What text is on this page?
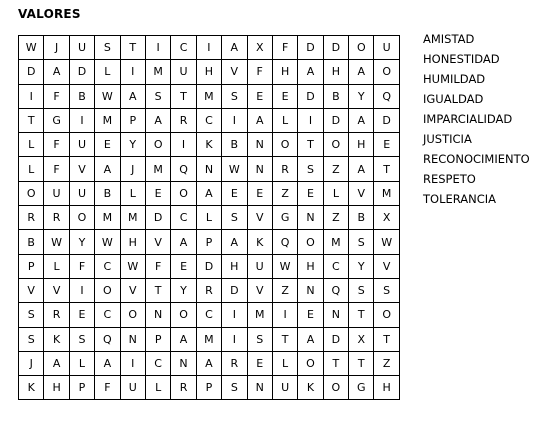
VALORES
W	J	U	S	T	I	C	I	A	X	F	D	D	O	U
D	A	D	L	I	M	U	H	V	F	H	A	H	A	O
I	F	B	W	A	S	T	M	S	E	E	D	B	Y	Q
T	G	I	M	P	A	R	C	I	A	L	I	D	A	D
L	F	U	E	Y	O	I	K	B	N	O	T	O	H	E
L	F	V	A	J	M	Q	N	W	N	R	S	Z	A	T
O	U	U	B	L	E	O	A	E	E	Z	E	L	V	M
R	R	O	M	M	D	C	L	S	V	G	N	Z	B	X
B	W	Y	W	H	V	A	P	A	K	Q	O	M	S	W
P	L	F	C	W	F	E	D	H	U	W	H	C	Y	V
V	V	I	O	V	T	Y	R	D	V	Z	N	Q	S	S
S	R	E	C	O	N	O	C	I	M	I	E	N	T	O
S	K	S	Q	N	P	A	M	I	S	T	A	D	X	T
J	A	L	A	I	C	N	A	R	E	L	O	T	T	Z
K	H	P	F	U	L	R	P	S	N	U	K	O	G	H
AMISTAD
HONESTIDAD
HUMILDAD
IGUALDAD
IMPARCIALIDAD
JUSTICIA
RECONOCIMIENTO
RESPETO
TOLERANCIA
